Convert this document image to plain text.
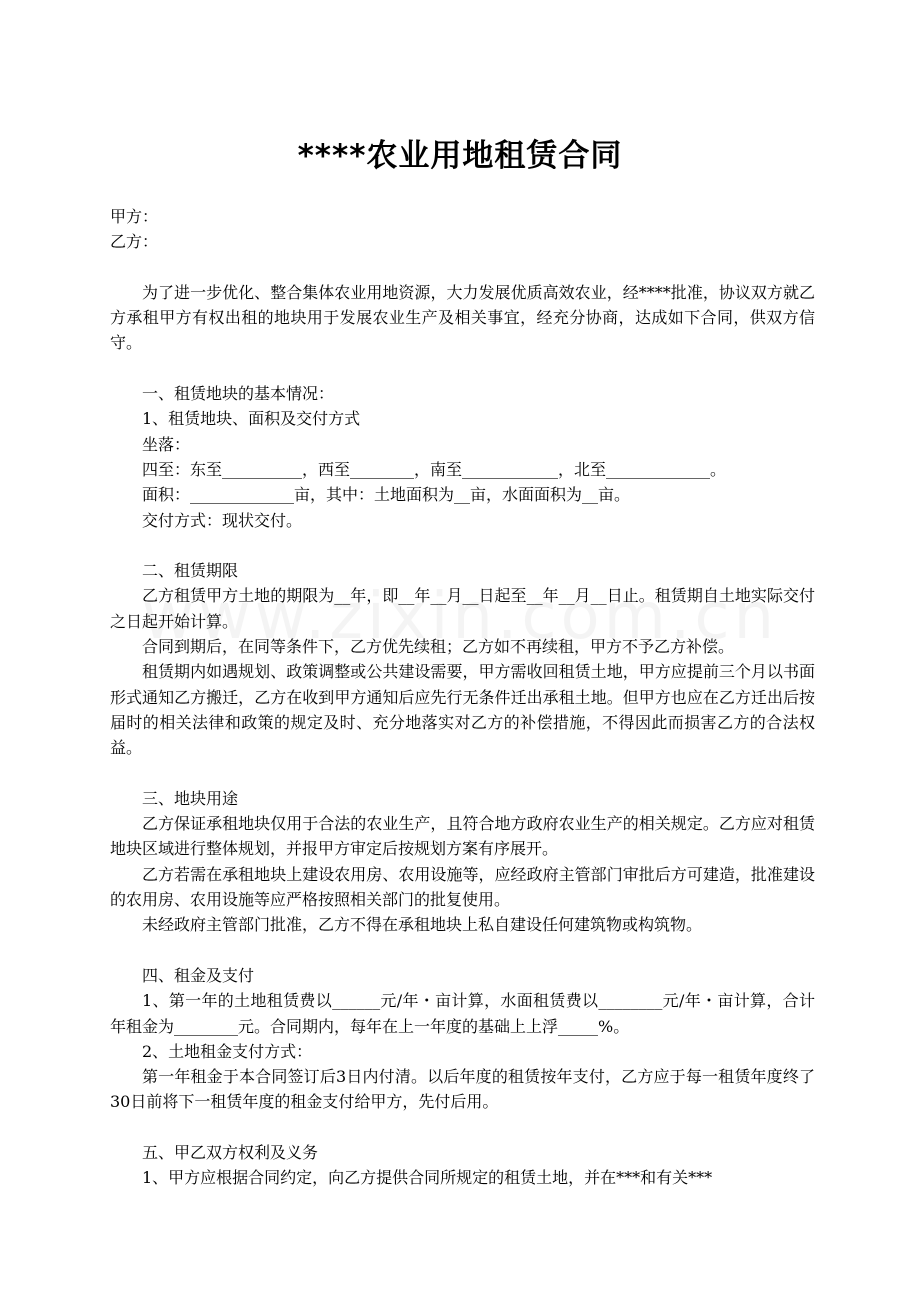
****农业用地租赁合同

甲方：

乙方：

为了进一步优化、整合集体农业用地资源，大力发展优质高效农业，经****批准，协议双方就乙方承租甲方有权出租的地块用于发展农业生产及相关事宜，经充分协商，达成如下合同，供双方信守。

一、租赁地块的基本情况：

1、租赁地块、面积及交付方式

坐落：

四至：东至__________，西至________，南至____________，北至_____________。

面积：_____________亩，其中：土地面积为__亩，水面面积为__亩。

交付方式：现状交付。

二、租赁期限

乙方租赁甲方土地的期限为__年，即__年__月__日起至__年__月__日止。租赁期自土地实际交付之日起开始计算。

合同到期后，在同等条件下，乙方优先续租；乙方如不再续租，甲方不予乙方补偿。

租赁期内如遇规划、政策调整或公共建设需要，甲方需收回租赁土地，甲方应提前三个月以书面形式通知乙方搬迁，乙方在收到甲方通知后应先行无条件迁出承租土地。但甲方也应在乙方迁出后按届时的相关法律和政策的规定及时、充分地落实对乙方的补偿措施，不得因此而损害乙方的合法权益。

三、地块用途

乙方保证承租地块仅用于合法的农业生产，且符合地方政府农业生产的相关规定。乙方应对租赁地块区域进行整体规划，并报甲方审定后按规划方案有序展开。

乙方若需在承租地块上建设农用房、农用设施等，应经政府主管部门审批后方可建造，批准建设的农用房、农用设施等应严格按照相关部门的批复使用。

未经政府主管部门批准，乙方不得在承租地块上私自建设任何建筑物或构筑物。

四、租金及支付

1、第一年的土地租赁费以______元/年・亩计算，水面租赁费以________元/年・亩计算，合计年租金为________元。合同期内，每年在上一年度的基础上上浮_____%。

2、土地租金支付方式：

第一年租金于本合同签订后3日内付清。以后年度的租赁按年支付，乙方应于每一租赁年度终了30日前将下一租赁年度的租金支付给甲方，先付后用。

五、甲乙双方权利及义务

1、甲方应根据合同约定，向乙方提供合同所规定的租赁土地，并在***和有关***
